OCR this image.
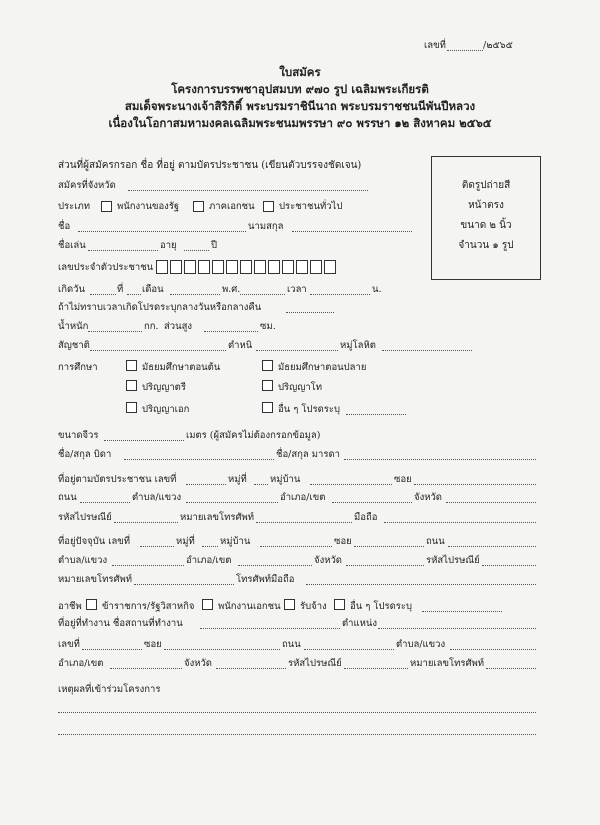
เลขที่	/๒๕๖๕
ใบสมัคร
โครงการบรรพชาอุปสมบท ๙๗๐ รูป เฉลิมพระเกียรติ
สมเด็จพระนางเจ้าสิริกิติ์ พระบรมราชินีนาถ พระบรมราชชนนีพันปีหลวง
เนื่องในโอกาสมหามงคลเฉลิมพระชนมพรรษา ๙๐ พรรษา ๑๒ สิงหาคม ๒๕๖๕
ติดรูปถ่ายสี
หน้าตรง
ขนาด ๒ นิ้ว
จำนวน ๑ รูป
ส่วนที่ผู้สมัครกรอก ชื่อ ที่อยู่ ตามบัตรประชาชน (เขียนตัวบรรจงชัดเจน)
สมัครที่จังหวัด
ประเภท	พนักงานของรัฐ	ภาคเอกชน	ประชาชนทั่วไป
ชื่อ	นามสกุล
ชื่อเล่น	อายุ	ปี
เลขประจำตัวประชาชน
เกิดวัน	ที่ เดือน	พ.ศ.	เวลา	น.
ถ้าไม่ทราบเวลาเกิดโปรดระบุกลางวันหรือกลางคืน
น้ำหนัก	กก. ส่วนสูง	ซม.
สัญชาติ	ตำหนิ	หมู่โลหิต
การศึกษา	มัธยมศึกษาตอนต้น	มัธยมศึกษาตอนปลาย
ปริญญาตรี	ปริญญาโท
ปริญญาเอก	อื่น ๆ โปรดระบุ
ขนาดจีวร	เมตร (ผู้สมัครไม่ต้องกรอกข้อมูล)
ชื่อ/สกุล บิดา	ชื่อ/สกุล มารดา
ที่อยู่ตามบัตรประชาชน เลขที่	หมู่ที่ หมู่บ้าน	ซอย
ถนน	ตำบล/แขวง	อำเภอ/เขต	จังหวัด
รหัสไปรษณีย์	หมายเลขโทรศัพท์	มือถือ
ที่อยู่ปัจจุบัน เลขที่	หมู่ที่	หมู่บ้าน	ซอย	ถนน
ตำบล/แขวง	อำเภอ/เขต	จังหวัด	รหัสไปรษณีย์
หมายเลขโทรศัพท์	โทรศัพท์มือถือ
อาชีพ ข้าราชการ/รัฐวิสาหกิจ พนักงานเอกชน รับจ้าง อื่น ๆ โปรดระบุ
ที่อยู่ที่ทำงาน ชื่อสถานที่ทำงาน	ตำแหน่ง
เลขที่	ซอย	ถนน	ตำบล/แขวง
อำเภอ/เขต	จังหวัด	รหัสไปรษณีย์	หมายเลขโทรศัพท์
เหตุผลที่เข้าร่วมโครงการ
